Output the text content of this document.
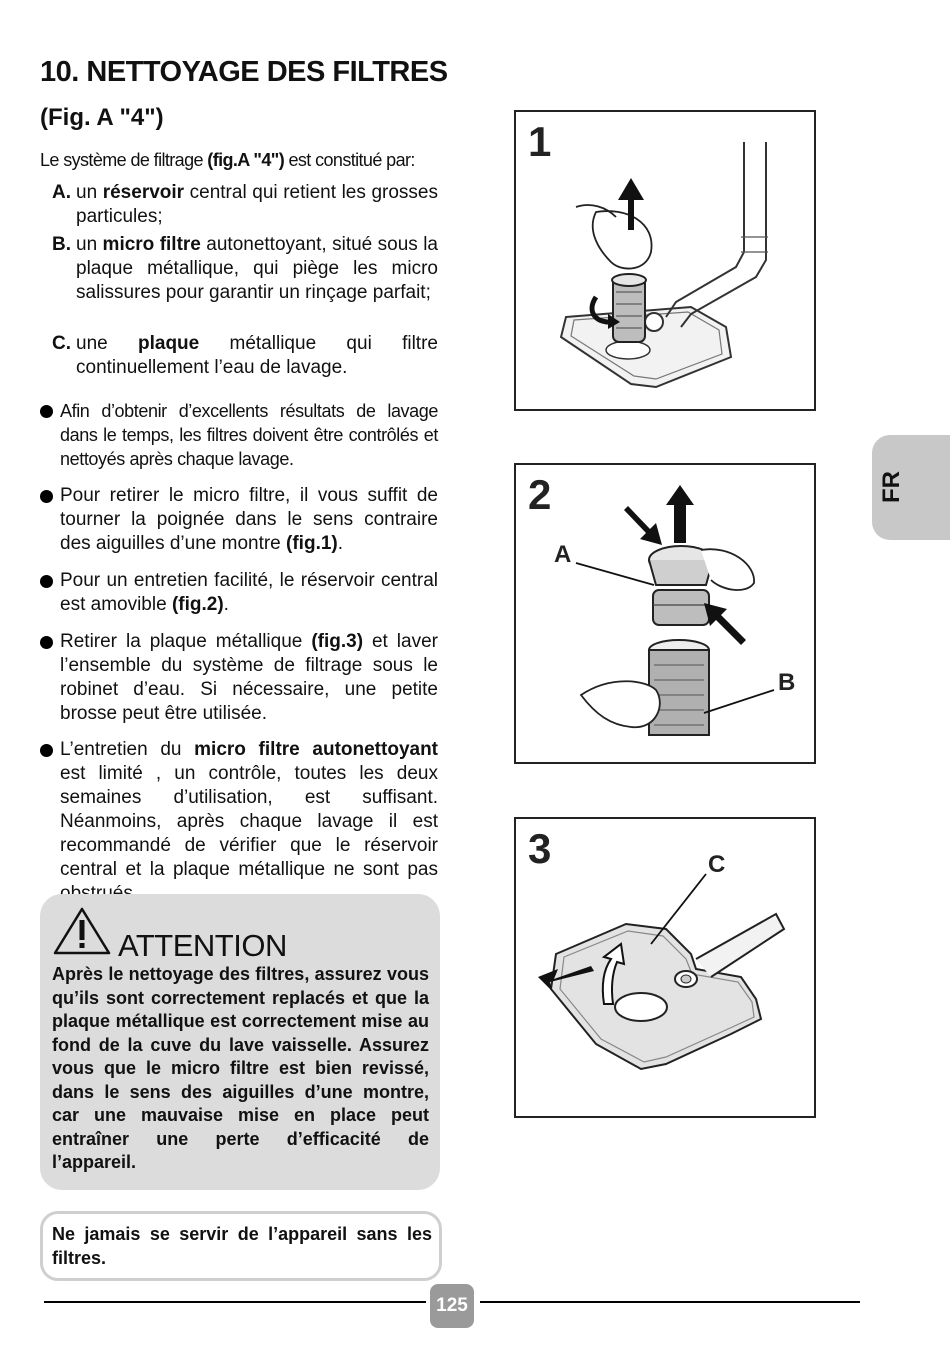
10. NETTOYAGE DES FILTRES
(Fig. A "4")
Le système de filtrage (fig.A "4") est constitué par:
A. un réservoir central qui retient les grosses particules;
B. un micro filtre autonettoyant, situé sous la plaque métallique, qui piège les micro salissures pour garantir un rinçage parfait;
C. une plaque métallique qui filtre continuellement l’eau de lavage.
Afin d’obtenir d’excellents résultats de lavage dans le temps, les filtres doivent être contrôlés et nettoyés après chaque lavage.
Pour retirer le micro filtre, il vous suffit de tourner la poignée dans le sens contraire des aiguilles d’une montre (fig.1).
Pour un entretien facilité, le réservoir central est amovible (fig.2).
Retirer la plaque métallique (fig.3) et laver l’ensemble du système de filtrage sous le robinet d’eau. Si nécessaire, une petite brosse peut être utilisée.
L’entretien du micro filtre autonettoyant est limité , un contrôle, toutes les deux semaines d’utilisation, est suffisant. Néanmoins, après chaque lavage il est recommandé de vérifier que le réservoir central et la plaque métallique ne sont pas
ATTENTION
Après le nettoyage des filtres, assurez vous qu’ils sont correctement replacés et que la plaque métallique est correctement mise au fond de la cuve du lave vaisselle. Assurez vous que le micro filtre est bien revissé, dans le sens des aiguilles d’une montre, car une mauvaise mise en place peut entraîner une perte d’efficacité de l’appareil.
Ne jamais se servir de l’appareil sans les filtres.
125
FR
1
2
A
B
3	C
